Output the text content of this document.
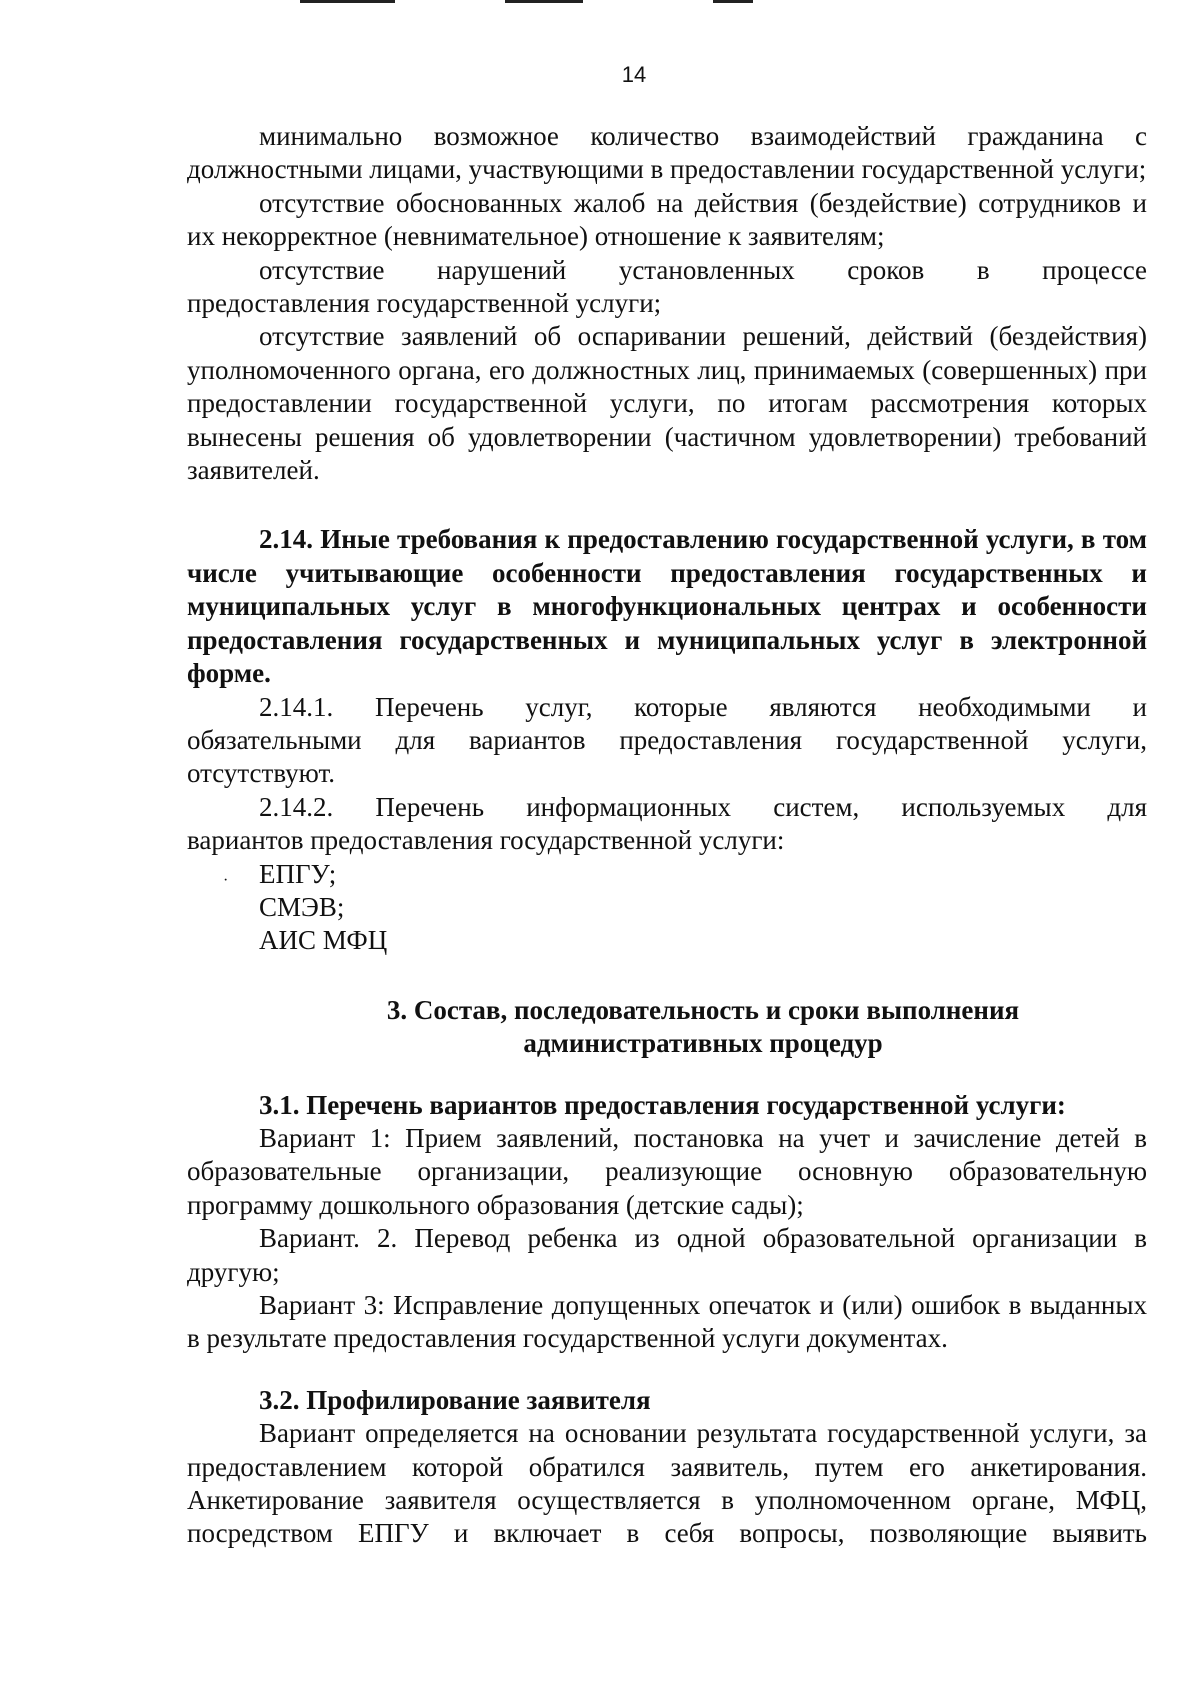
14

минимально возможное количество взаимодействий гражданина с

должностными лицами, участвующими в предоставлении государственной услуги;

отсутствие обоснованных жалоб на действия (бездействие) сотрудников и их некорректное (невнимательное) отношение к заявителям;

отсутствие нарушений установленных сроков в процессе

предоставления государственной услуги;

отсутствие заявлений об оспаривании решений, действий (бездействия) уполномоченного органа, его должностных лиц, принимаемых (совершенных) при предоставлении государственной услуги, по итогам рассмотрения которых вынесены решения об удовлетворении (частичном удовлетворении) требований заявителей.

2.14. Иные требования к предоставлению государственной услуги, в том числе учитывающие особенности предоставления государственных и муниципальных услуг в многофункциональных центрах и особенности предоставления государственных и муниципальных услуг в электронной форме.

2.14.1. Перечень услуг, которые являются необходимыми и

обязательными для вариантов предоставления государственной услуги, отсутствуют.

2.14.2. Перечень информационных систем, используемых для

вариантов предоставления государственной услуги:

· ЕПГУ;

СМЭВ;

АИС МФЦ

3. Состав, последовательность и сроки выполнения

административных процедур

3.1. Перечень вариантов предоставления государственной услуги:

Вариант 1: Прием заявлений, постановка на учет и зачисление детей в образовательные организации, реализующие основную образовательную программу дошкольного образования (детские сады);

Вариант. 2. Перевод ребенка из одной образовательной организации в другую;

Вариант 3: Исправление допущенных опечаток и (или) ошибок в выданных в результате предоставления государственной услуги документах.

3.2. Профилирование заявителя

Вариант определяется на основании результата государственной услуги, за предоставлением которой обратился заявитель, путем его анкетирования. Анкетирование заявителя осуществляется в уполномоченном органе, МФЦ, посредством ЕПГУ и включает в себя вопросы, позволяющие выявить
